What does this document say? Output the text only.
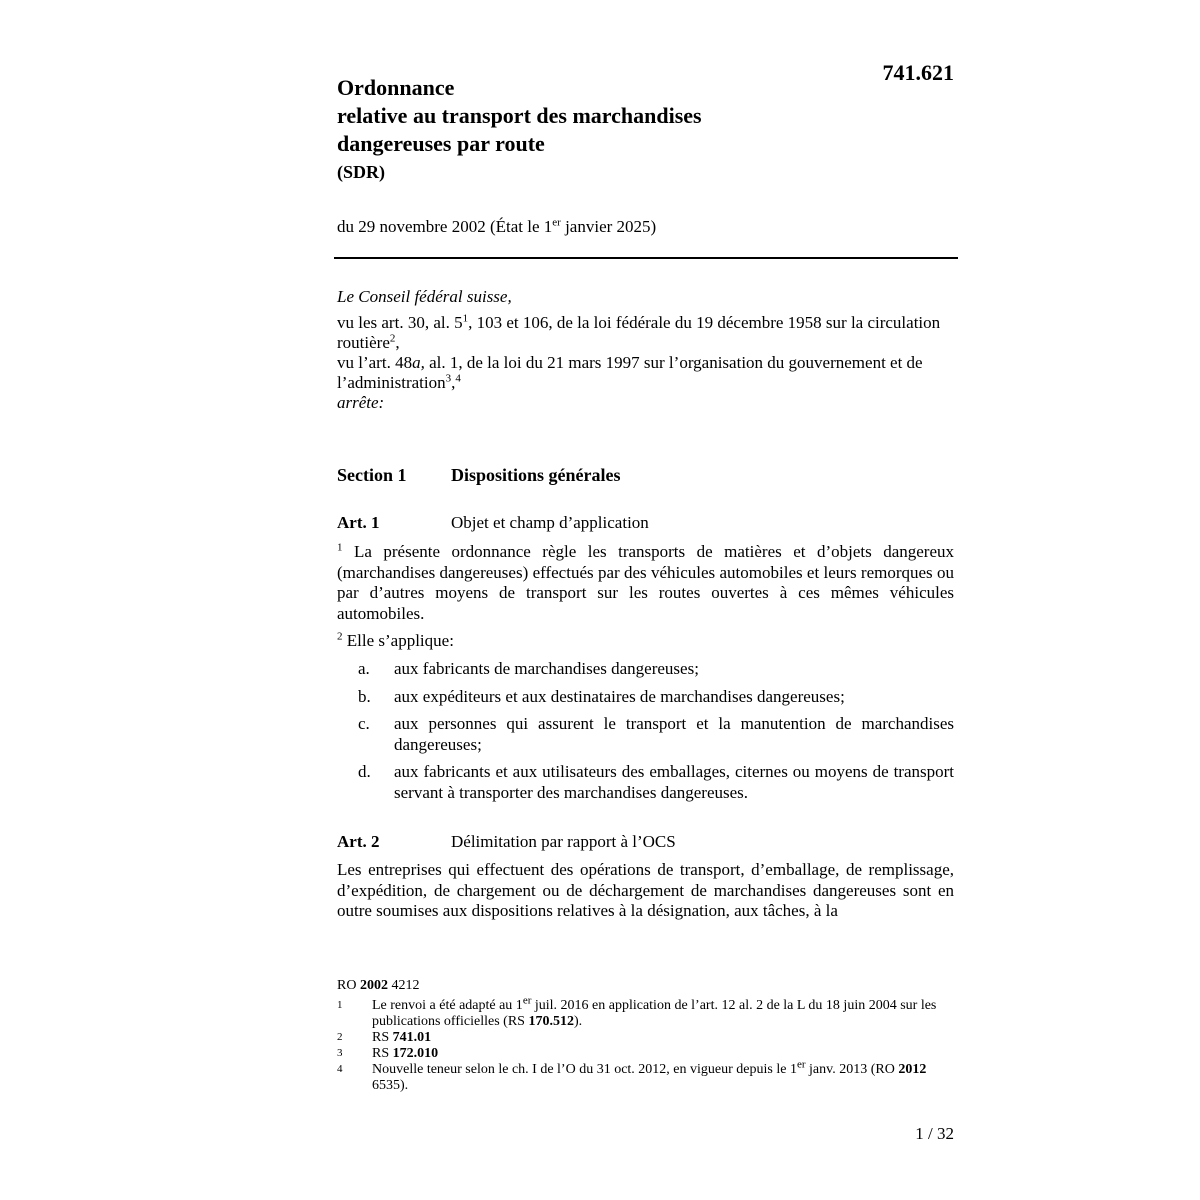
741.621

Ordonnance

relative au transport des marchandises

dangereuses par route

(SDR)
du 29 novembre 2002 (État le 1er janvier 2025)

Le Conseil fédéral suisse,

vu les art. 30, al. $5^1$, 103 et 106, de la loi fédérale du 19 décembre 1958 sur la circulation routière$^2$,

vu l’art. 48a, al. 1, de la loi du 21 mars 1997 sur l’organisation du gouvernement et de l’administration$^3$,$^4$

arrête:

Section 1 Dispositions générales
Art. 1	Objet et champ d’application

$^1$ La présente ordonnance règle les transports de matières et d’objets dangereux (marchandises dangereuses) effectués par des véhicules automobiles et leurs remorques ou par d’autres moyens de transport sur les routes ouvertes à ces mêmes véhicules automobiles.

$^2$ Elle s’applique:

a.	aux fabricants de marchandises dangereuses;
b.	aux expéditeurs et aux destinataires de marchandises dangereuses;
c.	aux personnes qui assurent le transport et la manutention de marchandises dangereuses;
d.	aux fabricants et aux utilisateurs des emballages, citernes ou moyens de transport servant à transporter des marchandises dangereuses.
Art. 2	Délimitation par rapport à l’OCS

Les entreprises qui effectuent des opérations de transport, d’emballage, de remplissage, d’expédition, de chargement ou de déchargement de marchandises dangereuses sont en outre soumises aux dispositions relatives à la désignation, aux tâches, à la

RO 2002 4212
1	Le renvoi a été adapté au 1er juil. 2016 en application de l’art. 12 al. 2 de la L du 18 juin 2004 sur les publications officielles (RS 170.512).
2	RS 741.01
3	RS 172.010
4	Nouvelle teneur selon le ch. I de l’O du 31 oct. 2012, en vigueur depuis le 1er janv. 2013 (RO 2012 6535).
1 / 32
